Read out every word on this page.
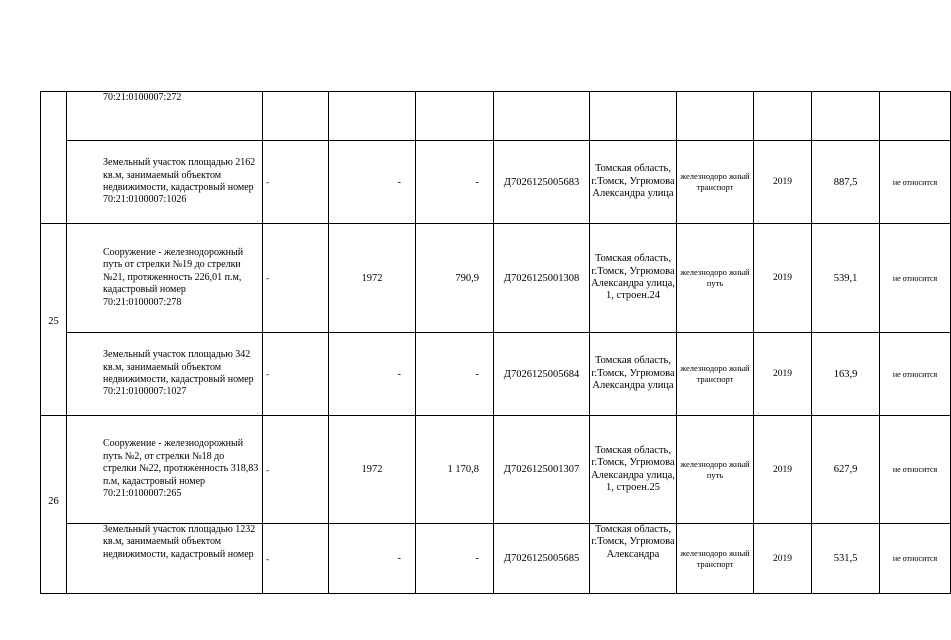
	70:21:0100007:272									

	Земельный участок площадью 2162 кв.м, занимаемый объектом недвижимости, кадастровый номер 70:21:0100007:1026	-	-	-	Д7026125005683	Томская область, г.Томск, Угрюмова Александра улица	железнодоро жный транспорт	2019	887,5	не относится
25	Сооружение - железнодорожный путь от стрелки №19 до стрелки №21, протяженность 226,01 п.м, кадастровый номер 70:21:0100007:278	-	1972	790,9	Д7026125001308	Томская область, г.Томск, Угрюмова Александра улица, 1, строен.24	железнодоро жный путь	2019	539,1	не относится
	Земельный участок площадью 342 кв.м, занимаемый объектом недвижимости, кадастровый номер 70:21:0100007:1027	-	-	-	Д7026125005684	Томская область, г.Томск, Угрюмова Александра улица	железнодоро жный транспорт	2019	163,9	не относится
26	Сооружение - железнодорожный путь №2, от стрелки №18 до стрелки №22, протяженность 318,83 п.м, кадастровый номер 70:21:0100007:265	-	1972	1 170,8	Д7026125001307	Томская область, г.Томск, Угрюмова Александра улица, 1, строен.25	железнодоро жный путь	2019	627,9	не относится

	Земельный участок площадью 1232 кв.м, занимаемый объектом недвижимости, кадастровый номер	-	-	-	Д7026125005685	Томская область, г.Томск, Угрюмова Александра	железнодоро жный транспорт	2019	531,5	не относится
